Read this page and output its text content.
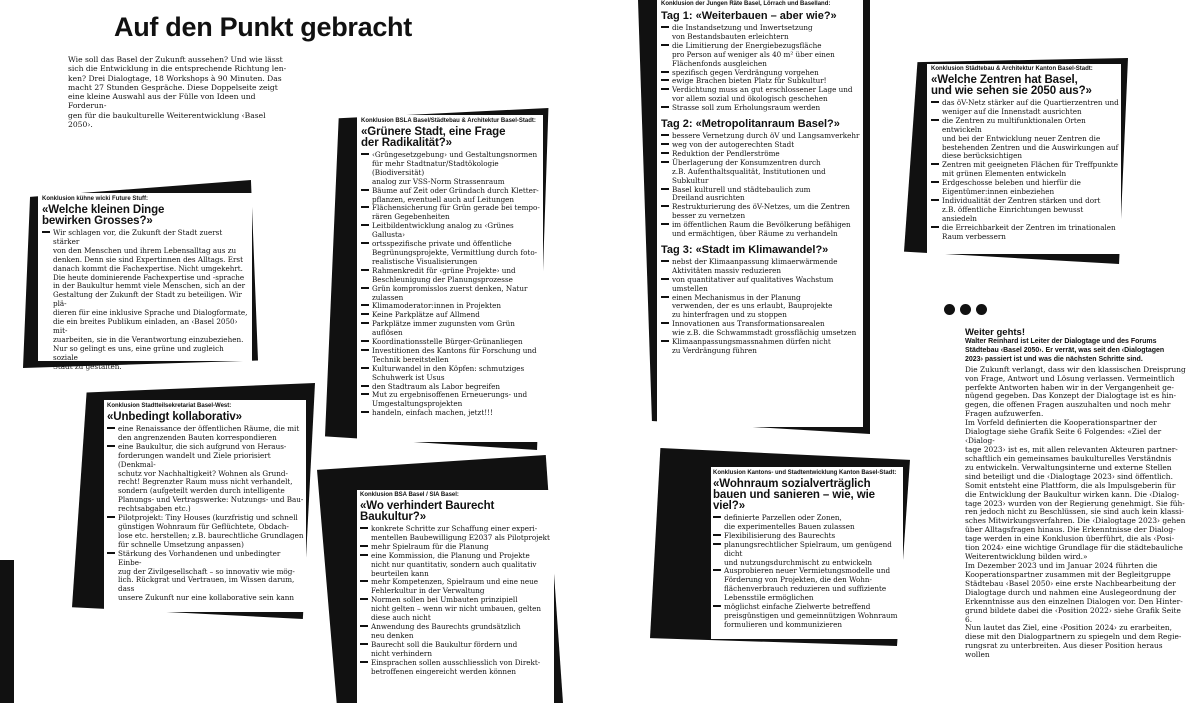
Auf den Punkt gebracht

Wie soll das Basel der Zukunft aussehen? Und wie lässt
sich die Entwicklung in die entsprechende Richtung len-
ken? Drei Dialogtage, 18 Workshops à 90 Minuten. Das
macht 27 Stunden Gespräche. Diese Doppelseite zeigt
eine kleine Auswahl aus der Fülle von Ideen und Forderun-
gen für die baukulturelle Weiterentwicklung ‹Basel 2050›.

Konklusion kühne wicki Future Stuff:
«Welche kleinen Dinge
bewirken Grosses?»
Wir schlagen vor, die Zukunft der Stadt zuerst stärker
von den Menschen und ihrem Lebensalltag aus zu
denken. Denn sie sind Expertinnen des Alltags. Erst
danach kommt die Fachexpertise. Nicht umgekehrt.
Die heute dominierende Fachexpertise und -sprache
in der Baukultur hemmt viele Menschen, sich an der
Gestaltung der Zukunft der Stadt zu beteiligen. Wir plä-
dieren für eine inklusive Sprache und Dialogformate,
die ein breites Publikum einladen, an ‹Basel 2050› mit-
zuarbeiten, sie in die Verantwortung einzubeziehen.
Nur so gelingt es uns, eine grüne und zugleich soziale
Stadt zu gestalten.
Konklusion BSLA Basel/Städtebau & Architektur Basel-Stadt:
«Grünere Stadt, eine Frage
der Radikalität?»
‹Grüngesetzgebung› und Gestaltungsnormen
für mehr Stadtnatur/Stadtökologie (Biodiversität)
analog zur VSS-Norm Strassenraum
Bäume auf Zeit oder Gründach durch Kletter-
pflanzen, eventuell auch auf Leitungen
Flächensicherung für Grün gerade bei tempo-
rären Gegebenheiten
Leitbildentwicklung analog zu ‹Grünes Gallusta›
ortsspezifische private und öffentliche
Begrünungsprojekte, Vermittlung durch foto-
realistische Visualisierungen
Rahmenkredit für ‹grüne Projekte› und
Beschleunigung der Planungsprozesse
Grün kompromisslos zuerst denken, Natur zulassen
Klimamoderator:innen in Projekten
Keine Parkplätze auf Allmend
Parkplätze immer zugunsten vom Grün auflösen
Koordinationsstelle Bürger-Grünanliegen
Investitionen des Kantons für Forschung und
Technik bereitstellen
Kulturwandel in den Köpfen: schmutziges
Schuhwerk ist Usus
den Stadtraum als Labor begreifen
Mut zu ergebnisoffenen Erneuerungs- und
Umgestaltungsprojekten
handeln, einfach machen, jetzt!!!
Konklusion der Jungen Räte Basel, Lörrach und Baselland:
Tag 1: «Weiterbauen – aber wie?»
die Instandsetzung und Inwertsetzung
von Bestandsbauten erleichtern
die Limitierung der Energiebezugsfläche
pro Person auf weniger als 40 m² über einen
Flächenfonds ausgleichen
spezifisch gegen Verdrängung vorgehen
ewige Brachen bieten Platz für Subkultur!
Verdichtung muss an gut erschlossener Lage und
vor allem sozial und ökologisch geschehen
Strasse soll zum Erholungsraum werden
Tag 2: «Metropolitanraum Basel?»
bessere Vernetzung durch öV und Langsamverkehr
weg von der autogerechten Stadt
Reduktion der Pendlerströme
Überlagerung der Konsumzentren durch
z.B. Aufenthaltsqualität, Institutionen und Subkultur
Basel kulturell und städtebaulich zum
Dreiland ausrichten
Restrukturierung des öV-Netzes, um die Zentren
besser zu vernetzen
im öffentlichen Raum die Bevölkerung befähigen
und ermächtigen, über Räume zu verhandeln
Tag 3: «Stadt im Klimawandel?»
nebst der Klimaanpassung klimaerwärmende
Aktivitäten massiv reduzieren
von quantitativer auf qualitatives Wachstum
umstellen
einen Mechanismus in der Planung
verwenden, der es uns erlaubt, Bauprojekte
zu hinterfragen und zu stoppen
Innovationen aus Transformationsarealen
wie z.B. die Schwammstadt grossflächig umsetzen
Klimaanpassungsmassnahmen dürfen nicht
zu Verdrängung führen
Konklusion Städtebau & Architektur Kanton Basel-Stadt:
«Welche Zentren hat Basel,
und wie sehen sie 2050 aus?»
das öV-Netz stärker auf die Quartierzentren und
weniger auf die Innenstadt ausrichten
die Zentren zu multifunktionalen Orten entwickeln
und bei der Entwicklung neuer Zentren die
bestehenden Zentren und die Auswirkungen auf
diese berücksichtigen
Zentren mit geeigneten Flächen für Treffpunkte
mit grünen Elementen entwickeln
Erdgeschosse beleben und hierfür die
Eigentümer:innen einbeziehen
Individualität der Zentren stärken und dort
z.B. öffentliche Einrichtungen bewusst ansiedeln
die Erreichbarkeit der Zentren im trinationalen
Raum verbessern
Konklusion Stadtteilsekretariat Basel-West:
«Unbedingt kollaborativ»
eine Renaissance der öffentlichen Räume, die mit
den angrenzenden Bauten korrespondieren
eine Baukultur, die sich aufgrund von Heraus-
forderungen wandelt und Ziele priorisiert (Denkmal-
schutz vor Nachhaltigkeit? Wohnen als Grund-
recht! Begrenzter Raum muss nicht verhandelt,
sondern (aufgeteilt werden durch intelligente
Planungs- und Vertragswerke: Nutzungs- und Bau-
rechtsabgaben etc.)
Pilotprojekt: Tiny Houses (kurzfristig und schnell
günstigen Wohnraum für Geflüchtete, Obdach-
lose etc. herstellen; z.B. baurechtliche Grundlagen
für schnelle Umsetzung anpassen)
Stärkung des Vorhandenen und unbedingter Einbe-
zug der Zivilgesellschaft – so innovativ wie mög-
lich. Rückgrat und Vertrauen, im Wissen darum, dass
unsere Zukunft nur eine kollaborative sein kann
Konklusion BSA Basel / SIA Basel:
«Wo verhindert Baurecht Baukultur?»
konkrete Schritte zur Schaffung einer experi-
mentellen Baubewilligung E2037 als Pilotprojekt
mehr Spielraum für die Planung
eine Kommission, die Planung und Projekte
nicht nur quantitativ, sondern auch qualitativ
beurteilen kann
mehr Kompetenzen, Spielraum und eine neue
Fehlerkultur in der Verwaltung
Normen sollen bei Umbauten prinzipiell
nicht gelten – wenn wir nicht umbauen, gelten
diese auch nicht
Anwendung des Baurechts grundsätzlich
neu denken
Baurecht soll die Baukultur fördern und
nicht verhindern
Einsprachen sollen ausschliesslich von Direkt-
betroffenen eingereicht werden können
Konklusion Kantons- und Stadtentwicklung Kanton Basel-Stadt:
«Wohnraum sozialverträglich
bauen und sanieren – wie, wie viel?»
definierte Parzellen oder Zonen,
die experimentelles Bauen zulassen
Flexibilisierung des Baurechts
planungsrechtlicher Spielraum, um genügend dicht
und nutzungsdurchmischt zu entwickeln
Ausprobieren neuer Vermietungsmodelle und
Förderung von Projekten, die den Wohn-
flächenverbrauch reduzieren und suffiziente
Lebensstile ermöglichen
möglichst einfache Zielwerte betreffend
preisgünstigen und gemeinnützigen Wohnraum
formulieren und kommunizieren
Weiter gehts!
Walter Reinhard ist Leiter der Dialogtage und des Forums
Städtebau ‹Basel 2050›. Er verrät, was seit den ‹Dialogtagen
2023› passiert ist und was die nächsten Schritte sind.
Die Zukunft verlangt, dass wir den klassischen Dreisprung
von Frage, Antwort und Lösung verlassen. Vermeintlich
perfekte Antworten haben wir in der Vergangenheit ge-
nügend gegeben. Das Konzept der Dialogtage ist es hin-
gegen, die offenen Fragen auszuhalten und noch mehr
Fragen aufzuwerfen.
Im Vorfeld definierten die Kooperationspartner der
Dialogtage siehe Grafik Seite 6 Folgendes: «Ziel der ‹Dialog-
tage 2023› ist es, mit allen relevanten Akteuren partner-
schaftlich ein gemeinsames baukulturelles Verständnis
zu entwickeln. Verwaltungsinterne und externe Stellen
sind beteiligt und die ‹Dialogtage 2023› sind öffentlich.
Somit entsteht eine Plattform, die als Impulsgeberin für
die Entwicklung der Baukultur wirken kann. Die ‹Dialog-
tage 2023› wurden von der Regierung genehmigt. Sie füh-
ren jedoch nicht zu Beschlüssen, sie sind auch kein klassi-
sches Mitwirkungsverfahren. Die ‹Dialogtage 2023› gehen
über Alltagsfragen hinaus. Die Erkenntnisse der Dialog-
tage werden in eine Konklusion überführt, die als ‹Posi-
tion 2024› eine wichtige Grundlage für die städtebauliche
Weiterentwicklung bilden wird.»
Im Dezember 2023 und im Januar 2024 führten die
Kooperationspartner zusammen mit der Begleitgruppe
Städtebau ‹Basel 2050› eine erste Nachbearbeitung der
Dialogtage durch und nahmen eine Auslegeordnung der
Erkenntnisse aus den einzelnen Dialogen vor. Den Hinter-
grund bildete dabei die ‹Position 2022› siehe Grafik Seite 6.
Nun lautet das Ziel, eine ‹Position 2024› zu erarbeiten,
diese mit den Dialogpartnern zu spiegeln und dem Regie-
rungsrat zu unterbreiten. Aus dieser Position heraus wollen
